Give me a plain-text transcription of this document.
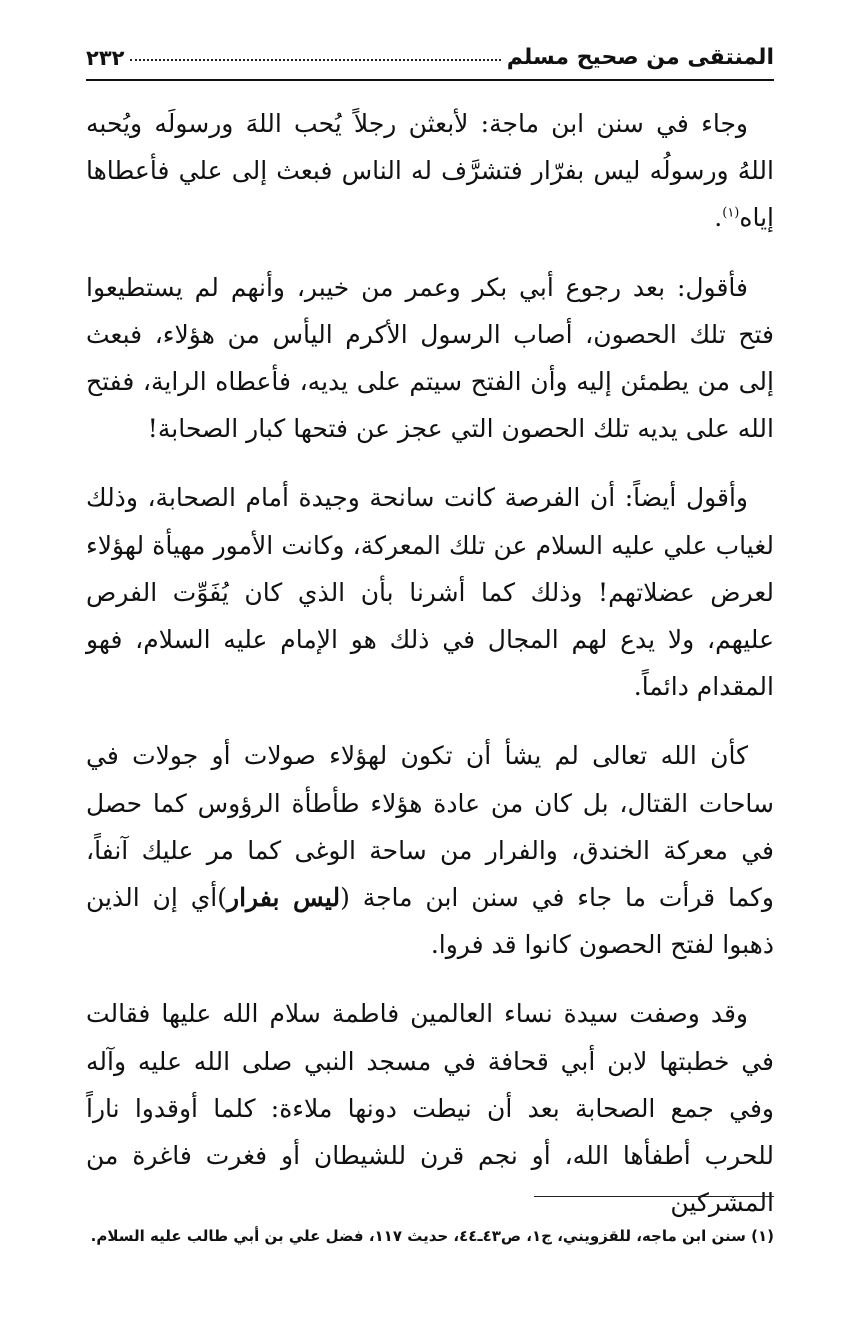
المنتقى من صحيح مسلم
٢٣٢

وجاء في سنن ابن ماجة: لأبعثن رجلاً يُحب اللهَ ورسولَه ويُحبه اللهُ ورسولُه ليس بفرّار فتشرَّف له الناس فبعث إلى علي فأعطاها إياه$^{(١)}$.

فأقول: بعد رجوع أبي بكر وعمر من خيبر، وأنهم لم يستطيعوا فتح تلك الحصون، أصاب الرسول الأكرم اليأس من هؤلاء، فبعث إلى من يطمئن إليه وأن الفتح سيتم على يديه، فأعطاه الراية، ففتح الله على يديه تلك الحصون التي عجز عن فتحها كبار الصحابة!

وأقول أيضاً: أن الفرصة كانت سانحة وجيدة أمام الصحابة، وذلك لغياب علي عليه السلام عن تلك المعركة، وكانت الأمور مهيأة لهؤلاء لعرض عضلاتهم! وذلك كما أشرنا بأن الذي كان يُفَوِّت الفرص عليهم، ولا يدع لهم المجال في ذلك هو الإمام عليه السلام، فهو المقدام دائماً.

كأن الله تعالى لم يشأ أن تكون لهؤلاء صولات أو جولات في ساحات القتال، بل كان من عادة هؤلاء طأطأة الرؤوس كما حصل في معركة الخندق، والفرار من ساحة الوغى كما مر عليك آنفاً، وكما قرأت ما جاء في سنن ابن ماجة (ليس بفرار)أي إن الذين ذهبوا لفتح الحصون كانوا قد فروا.

وقد وصفت سيدة نساء العالمين فاطمة سلام الله عليها فقالت في خطبتها لابن أبي قحافة في مسجد النبي صلى الله عليه وآله وفي جمع الصحابة بعد أن نيطت دونها ملاءة: كلما أوقدوا ناراً للحرب أطفأها الله، أو نجم قرن للشيطان أو فغرت فاغرة من المشركين

(١) سنن ابن ماجه، للقزويني، ج١، ص٤٣ـ٤٤، حديث ١١٧، فضل علي بن أبي طالب عليه السلام.
